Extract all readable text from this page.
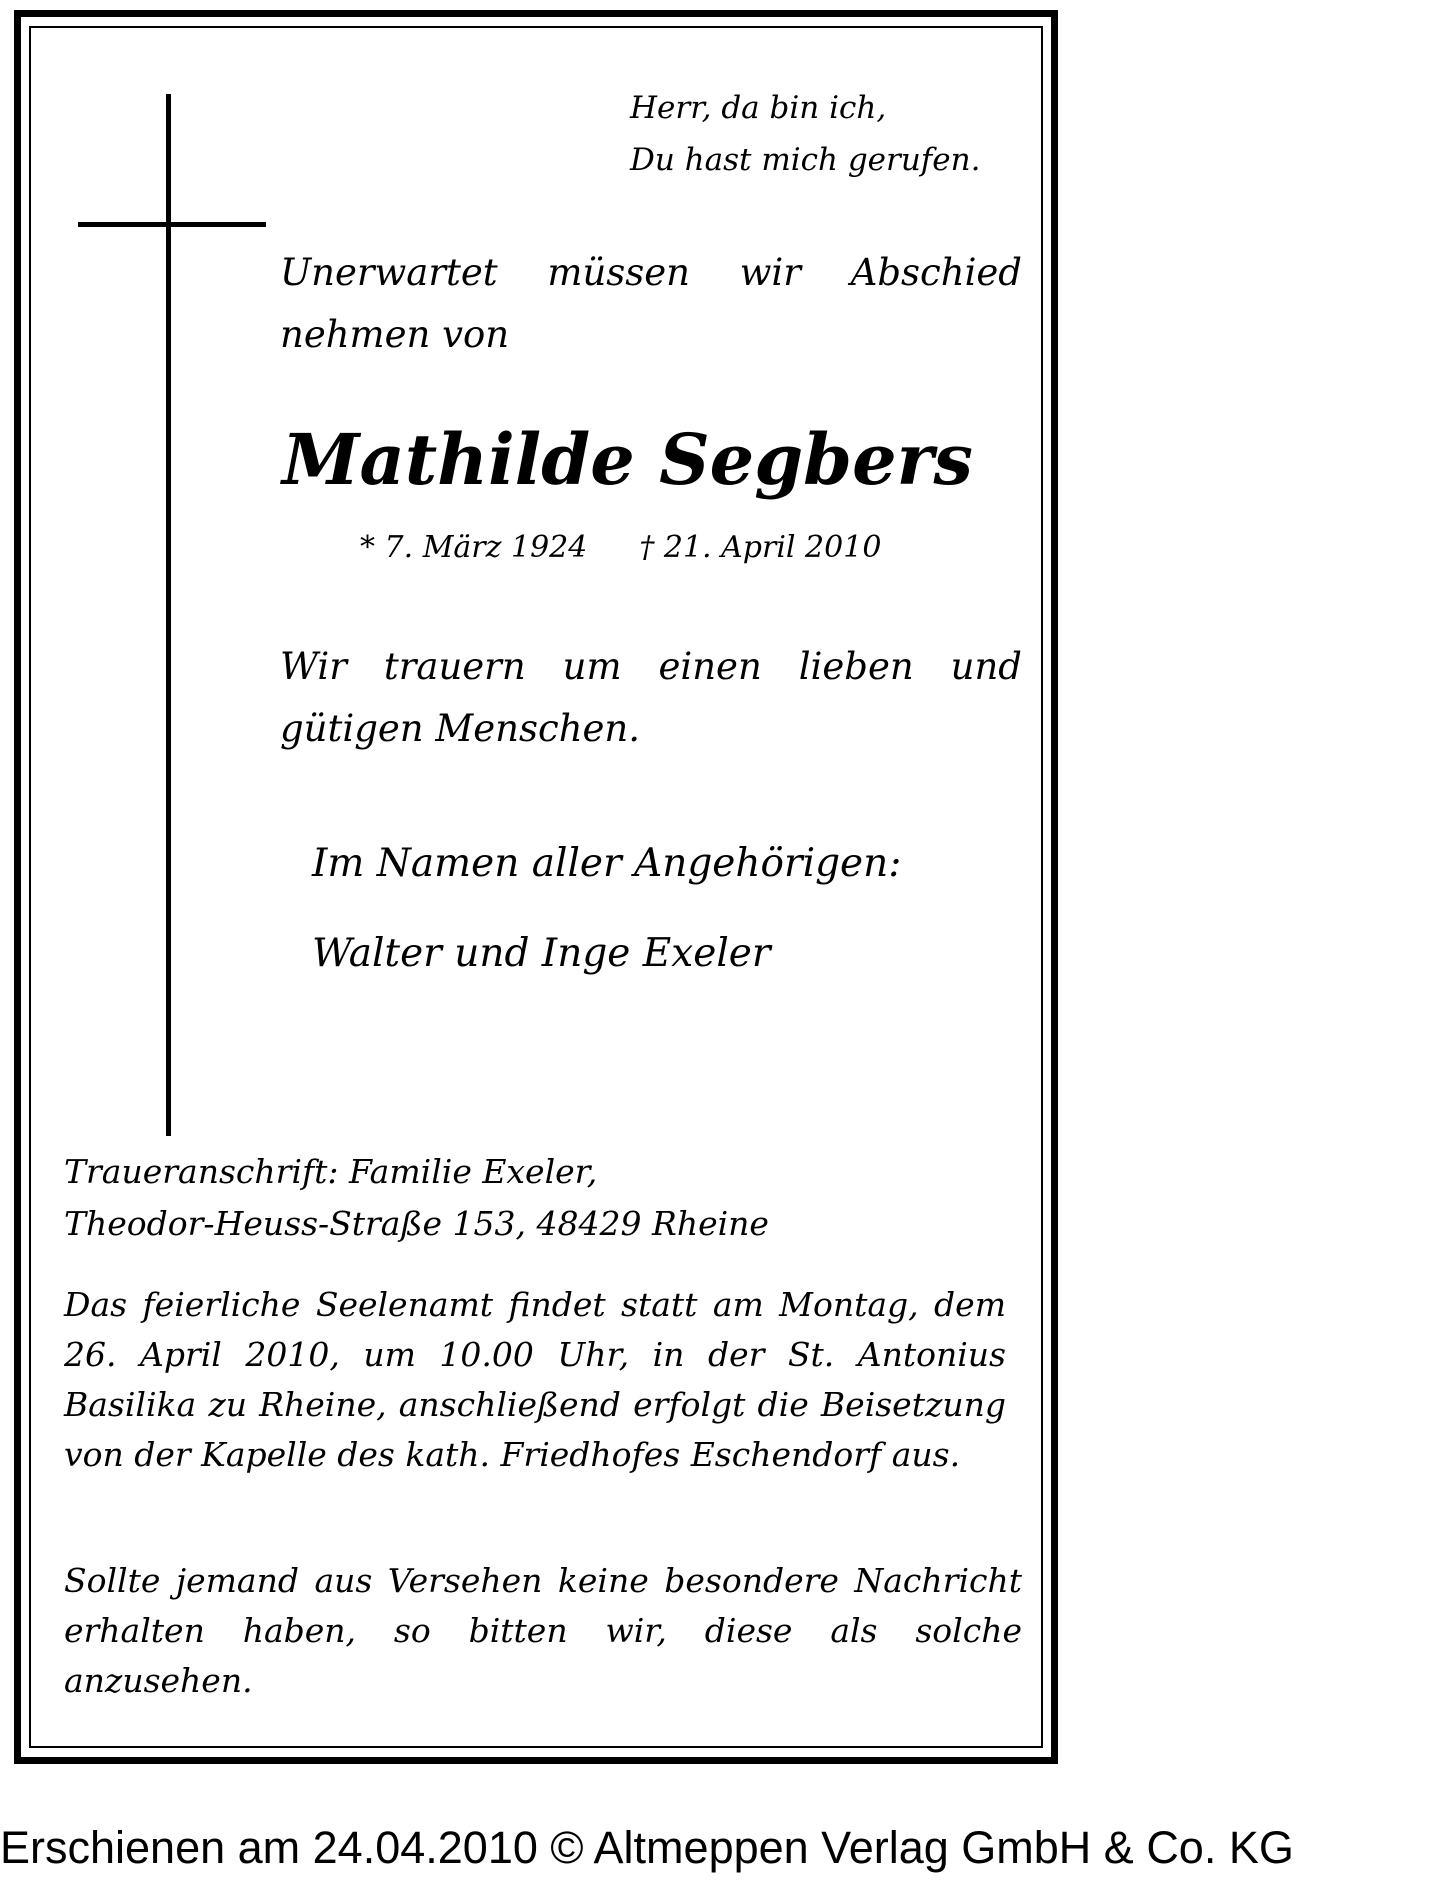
Herr, da bin ich,
Du hast mich gerufen.

Unerwartet müssen wir Abschied nehmen von

Mathilde Segbers

* 7. März 1924 † 21. April 2010

Wir trauern um einen lieben und gütigen Menschen.

Im Namen aller Angehörigen:

Walter und Inge Exeler

Traueranschrift: Familie Exeler,
Theodor-Heuss-Straße 153, 48429 Rheine

Das feierliche Seelenamt findet statt am Montag, dem 26. April 2010, um 10.00 Uhr, in der St. Antonius Basilika zu Rheine, anschließend erfolgt die Beisetzung von der Kapelle des kath. Friedhofes Eschendorf aus.

Sollte jemand aus Versehen keine besondere Nachricht erhalten haben, so bitten wir, diese als solche anzusehen.

Erschienen am 24.04.2010 © Altmeppen Verlag GmbH & Co. KG
